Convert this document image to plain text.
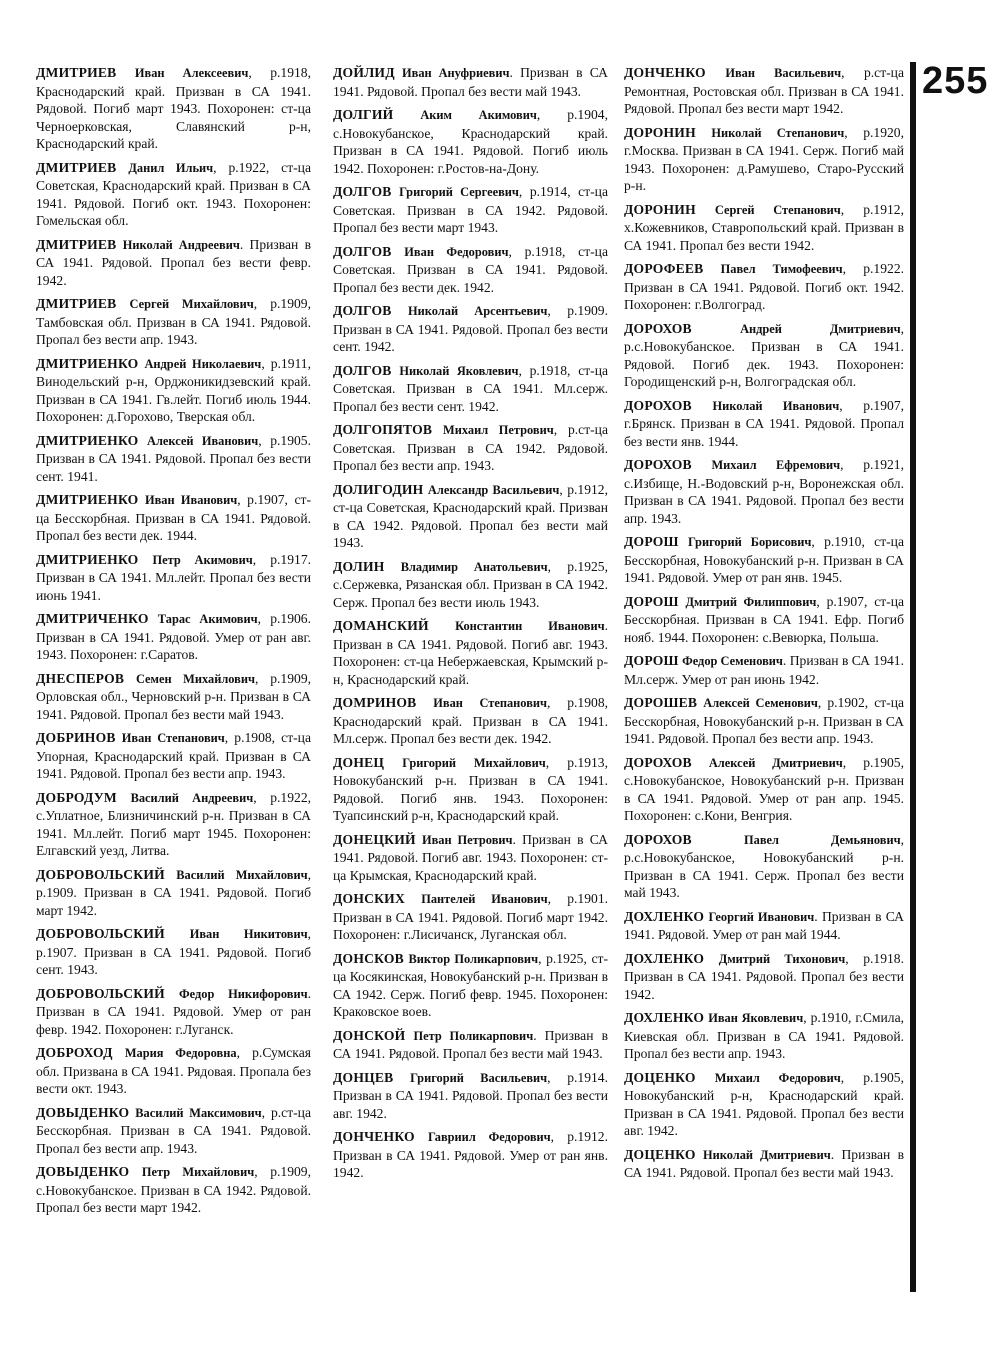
255

ДМИТРИЕВ Иван Алексеевич, р.1918, Краснодарский край. Призван в СА 1941. Рядовой. Погиб март 1943. Похоронен: ст-ца Черноерковская, Славянский р-н, Краснодарский край.

ДМИТРИЕВ Данил Ильич, р.1922, ст-ца Советская, Краснодарский край. Призван в СА 1941. Рядовой. Погиб окт. 1943. Похоронен: Гомельская обл.

ДМИТРИЕВ Николай Андреевич. Призван в СА 1941. Рядовой. Пропал без вести февр. 1942.

ДМИТРИЕВ Сергей Михайлович, р.1909, Тамбовская обл. Призван в СА 1941. Рядовой. Пропал без вести апр. 1943.

ДМИТРИЕНКО Андрей Николаевич, р.1911, Винодельский р-н, Орджоникидзевский край. Призван в СА 1941. Гв.лейт. Погиб июль 1944. Похоронен: д.Горохово, Тверская обл.

ДМИТРИЕНКО Алексей Иванович, р.1905. Призван в СА 1941. Рядовой. Пропал без вести сент. 1941.

ДМИТРИЕНКО Иван Иванович, р.1907, ст-ца Бесскорбная. Призван в СА 1941. Рядовой. Пропал без вести дек. 1944.

ДМИТРИЕНКО Петр Акимович, р.1917. Призван в СА 1941. Мл.лейт. Пропал без вести июнь 1941.

ДМИТРИЧЕНКО Тарас Акимович, р.1906. Призван в СА 1941. Рядовой. Умер от ран авг. 1943. Похоронен: г.Саратов.

ДНЕСПЕРОВ Семен Михайлович, р.1909, Орловская обл., Черновский р-н. Призван в СА 1941. Рядовой. Пропал без вести май 1943.

ДОБРИНОВ Иван Степанович, р.1908, ст-ца Упорная, Краснодарский край. Призван в СА 1941. Рядовой. Пропал без вести апр. 1943.

ДОБРОДУМ Василий Андреевич, р.1922, с.Уплатное, Близничинский р-н. Призван в СА 1941. Мл.лейт. Погиб март 1945. Похоронен: Елгавский уезд, Литва.

ДОБРОВОЛЬСКИЙ Василий Михайлович, р.1909. Призван в СА 1941. Рядовой. Погиб март 1942.

ДОБРОВОЛЬСКИЙ Иван Никитович, р.1907. Призван в СА 1941. Рядовой. Погиб сент. 1943.

ДОБРОВОЛЬСКИЙ Федор Никифорович. Призван в СА 1941. Рядовой. Умер от ран февр. 1942. Похоронен: г.Луганск.

ДОБРОХОД Мария Федоровна, р.Сумская обл. Призвана в СА 1941. Рядовая. Пропала без вести окт. 1943.

ДОВЫДЕНКО Василий Максимович, р.ст-ца Бесскорбная. Призван в СА 1941. Рядовой. Пропал без вести апр. 1943.

ДОВЫДЕНКО Петр Михайлович, р.1909, с.Новокубанское. Призван в СА 1942. Рядовой. Пропал без вести март 1942.

ДОЙЛИД Иван Ануфриевич. Призван в СА 1941. Рядовой. Пропал без вести май 1943.

ДОЛГИЙ Аким Акимович, р.1904, с.Новокубанское, Краснодарский край. Призван в СА 1941. Рядовой. Погиб июль 1942. Похоронен: г.Ростов-на-Дону.

ДОЛГОВ Григорий Сергеевич, р.1914, ст-ца Советская. Призван в СА 1942. Рядовой. Пропал без вести март 1943.

ДОЛГОВ Иван Федорович, р.1918, ст-ца Советская. Призван в СА 1941. Рядовой. Пропал без вести дек. 1942.

ДОЛГОВ Николай Арсентьевич, р.1909. Призван в СА 1941. Рядовой. Пропал без вести сент. 1942.

ДОЛГОВ Николай Яковлевич, р.1918, ст-ца Советская. Призван в СА 1941. Мл.серж. Пропал без вести сент. 1942.

ДОЛГОПЯТОВ Михаил Петрович, р.ст-ца Советская. Призван в СА 1942. Рядовой. Пропал без вести апр. 1943.

ДОЛИГОДИН Александр Васильевич, р.1912, ст-ца Советская, Краснодарский край. Призван в СА 1942. Рядовой. Пропал без вести май 1943.

ДОЛИН Владимир Анатольевич, р.1925, с.Сержевка, Рязанская обл. Призван в СА 1942. Серж. Пропал без вести июль 1943.

ДОМАНСКИЙ Константин Иванович. Призван в СА 1941. Рядовой. Погиб авг. 1943. Похоронен: ст-ца Небержаевская, Крымский р-н, Краснодарский край.

ДОМРИНОВ Иван Степанович, р.1908, Краснодарский край. Призван в СА 1941. Мл.серж. Пропал без вести дек. 1942.

ДОНЕЦ Григорий Михайлович, р.1913, Новокубанский р-н. Призван в СА 1941. Рядовой. Погиб янв. 1943. Похоронен: Туапсинский р-н, Краснодарский край.

ДОНЕЦКИЙ Иван Петрович. Призван в СА 1941. Рядовой. Погиб авг. 1943. Похоронен: ст-ца Крымская, Краснодарский край.

ДОНСКИХ Пантелей Иванович, р.1901. Призван в СА 1941. Рядовой. Погиб март 1942. Похоронен: г.Лисичанск, Луганская обл.

ДОНСКОВ Виктор Поликарпович, р.1925, ст-ца Косякинская, Новокубанский р-н. Призван в СА 1942. Серж. Погиб февр. 1945. Похоронен: Краковское воев.

ДОНСКОЙ Петр Поликарпович. Призван в СА 1941. Рядовой. Пропал без вести май 1943.

ДОНЦЕВ Григорий Васильевич, р.1914. Призван в СА 1941. Рядовой. Пропал без вести авг. 1942.

ДОНЧЕНКО Гавриил Федорович, р.1912. Призван в СА 1941. Рядовой. Умер от ран янв. 1942.

ДОНЧЕНКО Иван Васильевич, р.ст-ца Ремонтная, Ростовская обл. Призван в СА 1941. Рядовой. Пропал без вести март 1942.

ДОРОНИН Николай Степанович, р.1920, г.Москва. Призван в СА 1941. Серж. Погиб май 1943. Похоронен: д.Рамушево, Старо-Русский р-н.

ДОРОНИН Сергей Степанович, р.1912, х.Кожевников, Ставропольский край. Призван в СА 1941. Пропал без вести 1942.

ДОРОФЕЕВ Павел Тимофеевич, р.1922. Призван в СА 1941. Рядовой. Погиб окт. 1942. Похоронен: г.Волгоград.

ДОРОХОВ	Андрей Дмитриевич, р.с.Новокубанское. Призван в СА 1941. Рядовой. Погиб дек. 1943. Похоронен: Городищенский р-н, Волгоградская обл.

ДОРОХОВ Николай Иванович, р.1907, г.Брянск. Призван в СА 1941. Рядовой. Пропал без вести янв. 1944.

ДОРОХОВ Михаил Ефремович, р.1921, с.Избище, Н.-Водовский р-н, Воронежская обл. Призван в СА 1941. Рядовой. Пропал без вести апр. 1943.

ДОРОШ Григорий Борисович, р.1910, ст-ца Бесскорбная, Новокубанский р-н. Призван в СА 1941. Рядовой. Умер от ран янв. 1945.

ДОРОШ Дмитрий Филиппович, р.1907, ст-ца Бесскорбная. Призван в СА 1941. Ефр. Погиб нояб. 1944. Похоронен: с.Вевюрка, Польша.

ДОРОШ Федор Семенович. Призван в СА 1941. Мл.серж. Умер от ран июнь 1942.

ДОРОШЕВ Алексей Семенович, р.1902, ст-ца Бесскорбная, Новокубанский р-н. Призван в СА 1941. Рядовой. Пропал без вести апр. 1943.

ДОРОХОВ Алексей Дмитриевич, р.1905, с.Новокубанское, Новокубанский р-н. Призван в СА 1941. Рядовой. Умер от ран апр. 1945. Похоронен: с.Кони, Венгрия.

ДОРОХОВ	Павел Демьянович, р.с.Новокубанское, Новокубанский р-н. Призван в СА 1941. Серж. Пропал без вести май 1943.

ДОХЛЕНКО Георгий Иванович. Призван в СА 1941. Рядовой. Умер от ран май 1944.

ДОХЛЕНКО Дмитрий Тихонович, р.1918. Призван в СА 1941. Рядовой. Пропал без вести 1942.

ДОХЛЕНКО Иван Яковлевич, р.1910, г.Смила, Киевская обл. Призван в СА 1941. Рядовой. Пропал без вести апр. 1943.

ДОЦЕНКО Михаил Федорович, р.1905, Новокубанский р-н, Краснодарский край. Призван в СА 1941. Рядовой. Пропал без вести авг. 1942.

ДОЦЕНКО Николай Дмитриевич. Призван в СА 1941. Рядовой. Пропал без вести май 1943.
